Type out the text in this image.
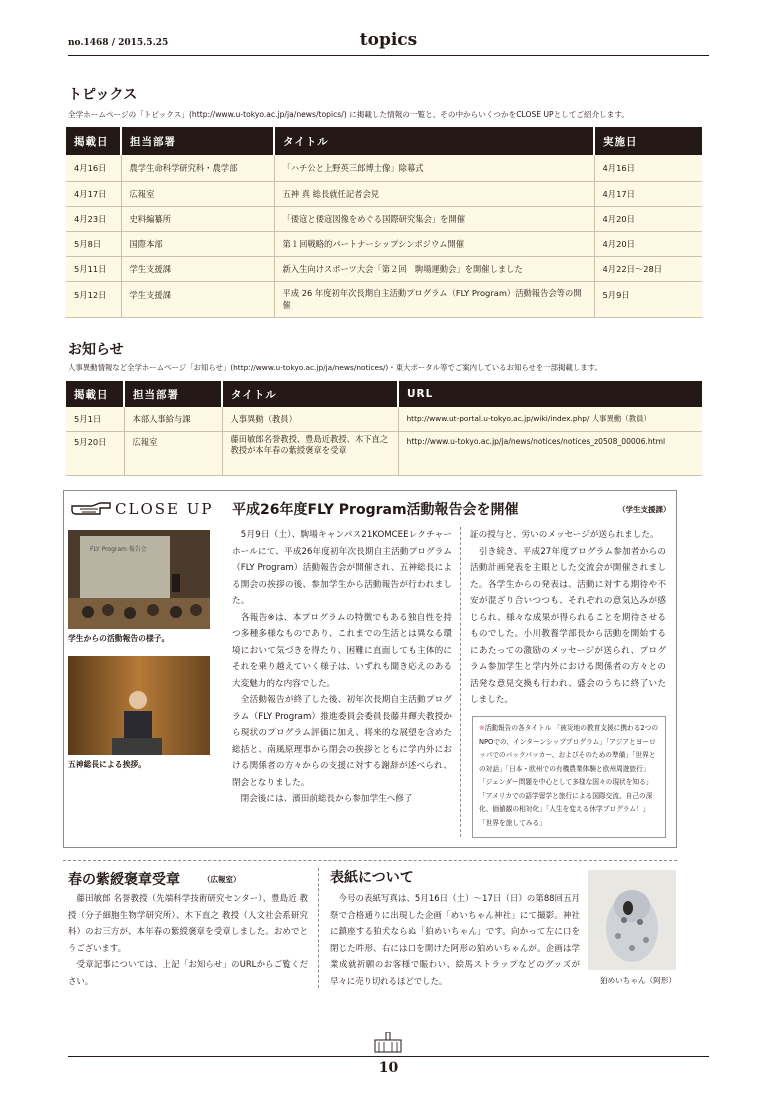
no.1468 / 2015.5.25	topics
トピックス
全学ホームページの「トピックス」(http://www.u-tokyo.ac.jp/ja/news/topics/) に掲載した情報の一覧と、その中からいくつかをCLOSE UPとしてご紹介します。
掲載日	担当部署	タイトル	実施日
4月16日	農学生命科学研究科・農学部	「ハチ公と上野英三郎博士像」除幕式	4月16日
4月17日	広報室	五神 真 総長就任記者会見	4月17日
4月23日	史料編纂所	「倭寇と倭寇図像をめぐる国際研究集会」を開催	4月20日
5月8日	国際本部	第１回戦略的パートナーシップシンポジウム開催	4月20日
5月11日	学生支援課	新入生向けスポーツ大会「第２回　駒場運動会」を開催しました	4月22日～28日
5月12日	学生支援課	平成 26 年度初年次長期自主活動プログラム（FLY Program）活動報告会等の開催	5月9日
お知らせ
人事異動情報など全学ホームページ「お知らせ」(http://www.u-tokyo.ac.jp/ja/news/notices/)・東大ポータル等でご案内しているお知らせを一部掲載します。
掲載日	担当部署	タイトル	URL
5月1日	本部人事給与課	人事異動（教員）	http://www.ut-portal.u-tokyo.ac.jp/wiki/index.php/ 人事異動（教員）
5月20日	広報室	藤田敏郎名誉教授、豊島近教授、木下直之教授が本年春の紫綬褒章を受章	http://www.u-tokyo.ac.jp/ja/news/notices/notices_z0508_00006.html
CLOSE UP 平成26年度FLY Program活動報告会を開催	（学生支援課）
FLY Program 報告会
学生からの活動報告の様子。
五神総長による挨拶。
　5月9日（土）、駒場キャンパス21KOMCEEレクチャーホールにて、平成26年度初年次長期自主活動プログラム（FLY Program）活動報告会が開催され、五神総長による開会の挨拶の後、参加学生から活動報告が行われました。
　各報告※は、本プログラムの特徴でもある独自性を持つ多種多様なものであり、これまでの生活とは異なる環境において気づきを得たり、困難に直面しても主体的にそれを乗り越えていく様子は、いずれも聞き応えのある大変魅力的な内容でした。
　全活動報告が終了した後、初年次長期自主活動プログラム（FLY Program）推進委員会委員長藤井輝夫教授から現状のプログラム評価に加え、将来的な展望を含めた総括と、南風原理事から閉会の挨拶とともに学内外における関係者の方々からの支援に対する謝辞が述べられ、閉会となりました。
　閉会後には、濱田前総長から参加学生へ修了
証の授与と、労いのメッセージが送られました。
　引き続き、平成27年度プログラム参加者からの活動計画発表を主眼とした交流会が開催されました。各学生からの発表は、活動に対する期待や不安が混ざり合いつつも、それぞれの意気込みが感じられ、様々な成果が得られることを期待させるものでした。小川教養学部長から活動を開始するにあたっての激励のメッセージが送られ、プログラム参加学生と学内外における関係者の方々との活発な意見交換も行われ、盛会のうちに終了いたしました。
※活動報告の各タイトル 「被災地の教育支援に携わる2つのNPOでの、インターンシッププログラム」「アジアとヨーロッパでのバックパッカー、およびそのための準備」「世界との対話」「日本・欧州での有機農業体験と欧州周遊旅行」「ジェンダー問題を中心として多様な国々の現状を知る」「アメリカでの語学留学と旅行による国際交流、自己の深化、価値観の相対化」「人生を変える休学プログラム！」「世界を旅してみる」
春の紫綬褒章受章	（広報室）
　藤田敏郎 名誉教授（先端科学技術研究センター）、豊島近 教授（分子細胞生物学研究所）、木下直之 教授（人文社会系研究科）のお三方が、本年春の紫綬褒章を受章しました。おめでとうございます。
　受章記事については、上記「お知らせ」のURLからご覧ください。
表紙について
　今号の表紙写真は、5月16日（土）～17日（日）の第88回五月祭で合格通りに出現した企画「めいちゃん神社」にて撮影。神社に鎮座する狛犬ならぬ「狛めいちゃん」です。向かって左に口を閉じた吽形、右には口を開けた阿形の狛めいちゃんが。企画は学業成就祈願のお客様で賑わい、絵馬ストラップなどのグッズが早々に売り切れるほどでした。	狛めいちゃん（阿形）
10
